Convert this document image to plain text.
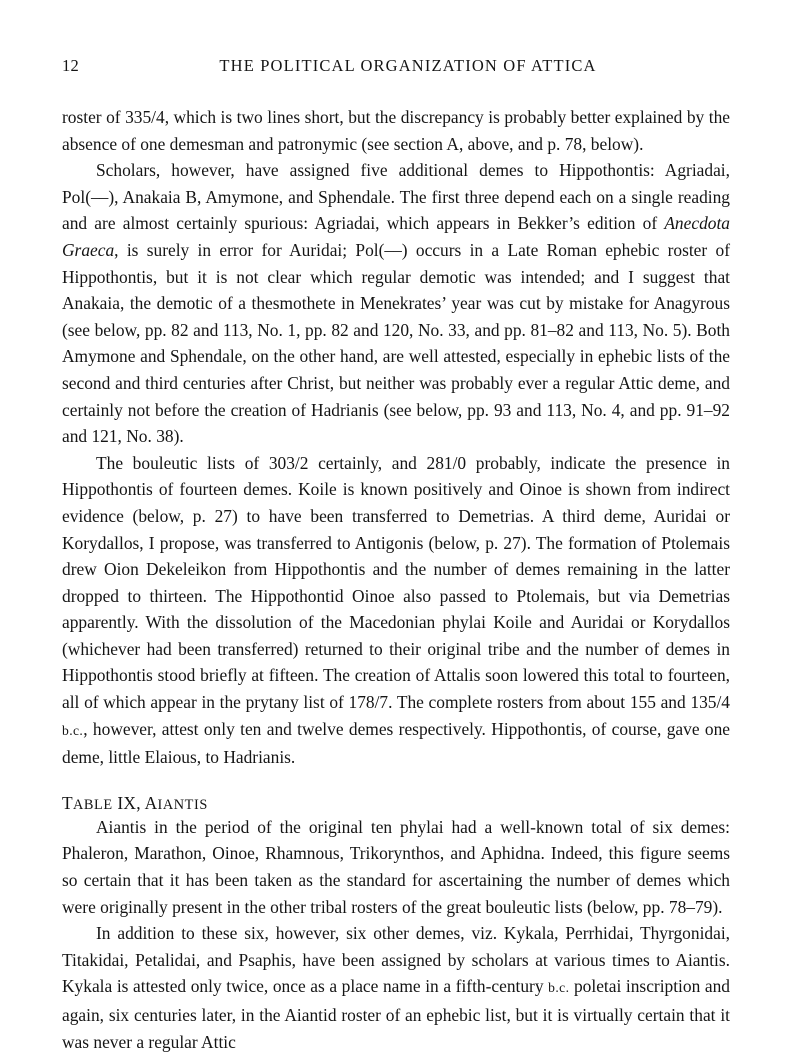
12	THE POLITICAL ORGANIZATION OF ATTICA

roster of 335/4, which is two lines short, but the discrepancy is probably better explained by the absence of one demesman and patronymic (see section A, above, and p. 78, below).

Scholars, however, have assigned five additional demes to Hippothontis: Agriadai, Pol(––), Anakaia B, Amymone, and Sphendale. The first three depend each on a single reading and are almost certainly spurious: Agriadai, which appears in Bekker’s edition of Anecdota Graeca, is surely in error for Auridai; Pol(––) occurs in a Late Roman ephebic roster of Hippothontis, but it is not clear which regular demotic was intended; and I suggest that Anakaia, the demotic of a thesmothete in Menekrates’ year was cut by mistake for Anagyrous (see below, pp. 82 and 113, No. 1, pp. 82 and 120, No. 33, and pp. 81–82 and 113, No. 5). Both Amymone and Sphendale, on the other hand, are well attested, especially in ephebic lists of the second and third centuries after Christ, but neither was probably ever a regular Attic deme, and certainly not before the creation of Hadrianis (see below, pp. 93 and 113, No. 4, and pp. 91–92 and 121, No. 38).

The bouleutic lists of 303/2 certainly, and 281/0 probably, indicate the presence in Hippothontis of fourteen demes. Koile is known positively and Oinoe is shown from indirect evidence (below, p. 27) to have been transferred to Demetrias. A third deme, Auridai or Korydallos, I propose, was transferred to Antigonis (below, p. 27). The formation of Ptolemais drew Oion Dekeleikon from Hippothontis and the number of demes remaining in the latter dropped to thirteen. The Hippothontid Oinoe also passed to Ptolemais, but via Demetrias apparently. With the dissolution of the Macedonian phylai Koile and Auridai or Korydallos (whichever had been transferred) returned to their original tribe and the number of demes in Hippothontis stood briefly at fifteen. The creation of Attalis soon lowered this total to fourteen, all of which appear in the prytany list of 178/7. The complete rosters from about 155 and 135/4 b.c., however, attest only ten and twelve demes respectively. Hippothontis, of course, gave one deme, little Elaious, to Hadrianis.

TABLE IX, AIANTIS

Aiantis in the period of the original ten phylai had a well-known total of six demes: Phaleron, Marathon, Oinoe, Rhamnous, Trikorynthos, and Aphidna. Indeed, this figure seems so certain that it has been taken as the standard for ascertaining the number of demes which were originally present in the other tribal rosters of the great bouleutic lists (below, pp. 78–79).

In addition to these six, however, six other demes, viz. Kykala, Perrhidai, Thyrgonidai, Titakidai, Petalidai, and Psaphis, have been assigned by scholars at various times to Aiantis. Kykala is attested only twice, once as a place name in a fifth-century b.c. poletai inscription and again, six centuries later, in the Aiantid roster of an ephebic list, but it is virtually certain that it was never a regular Attic
